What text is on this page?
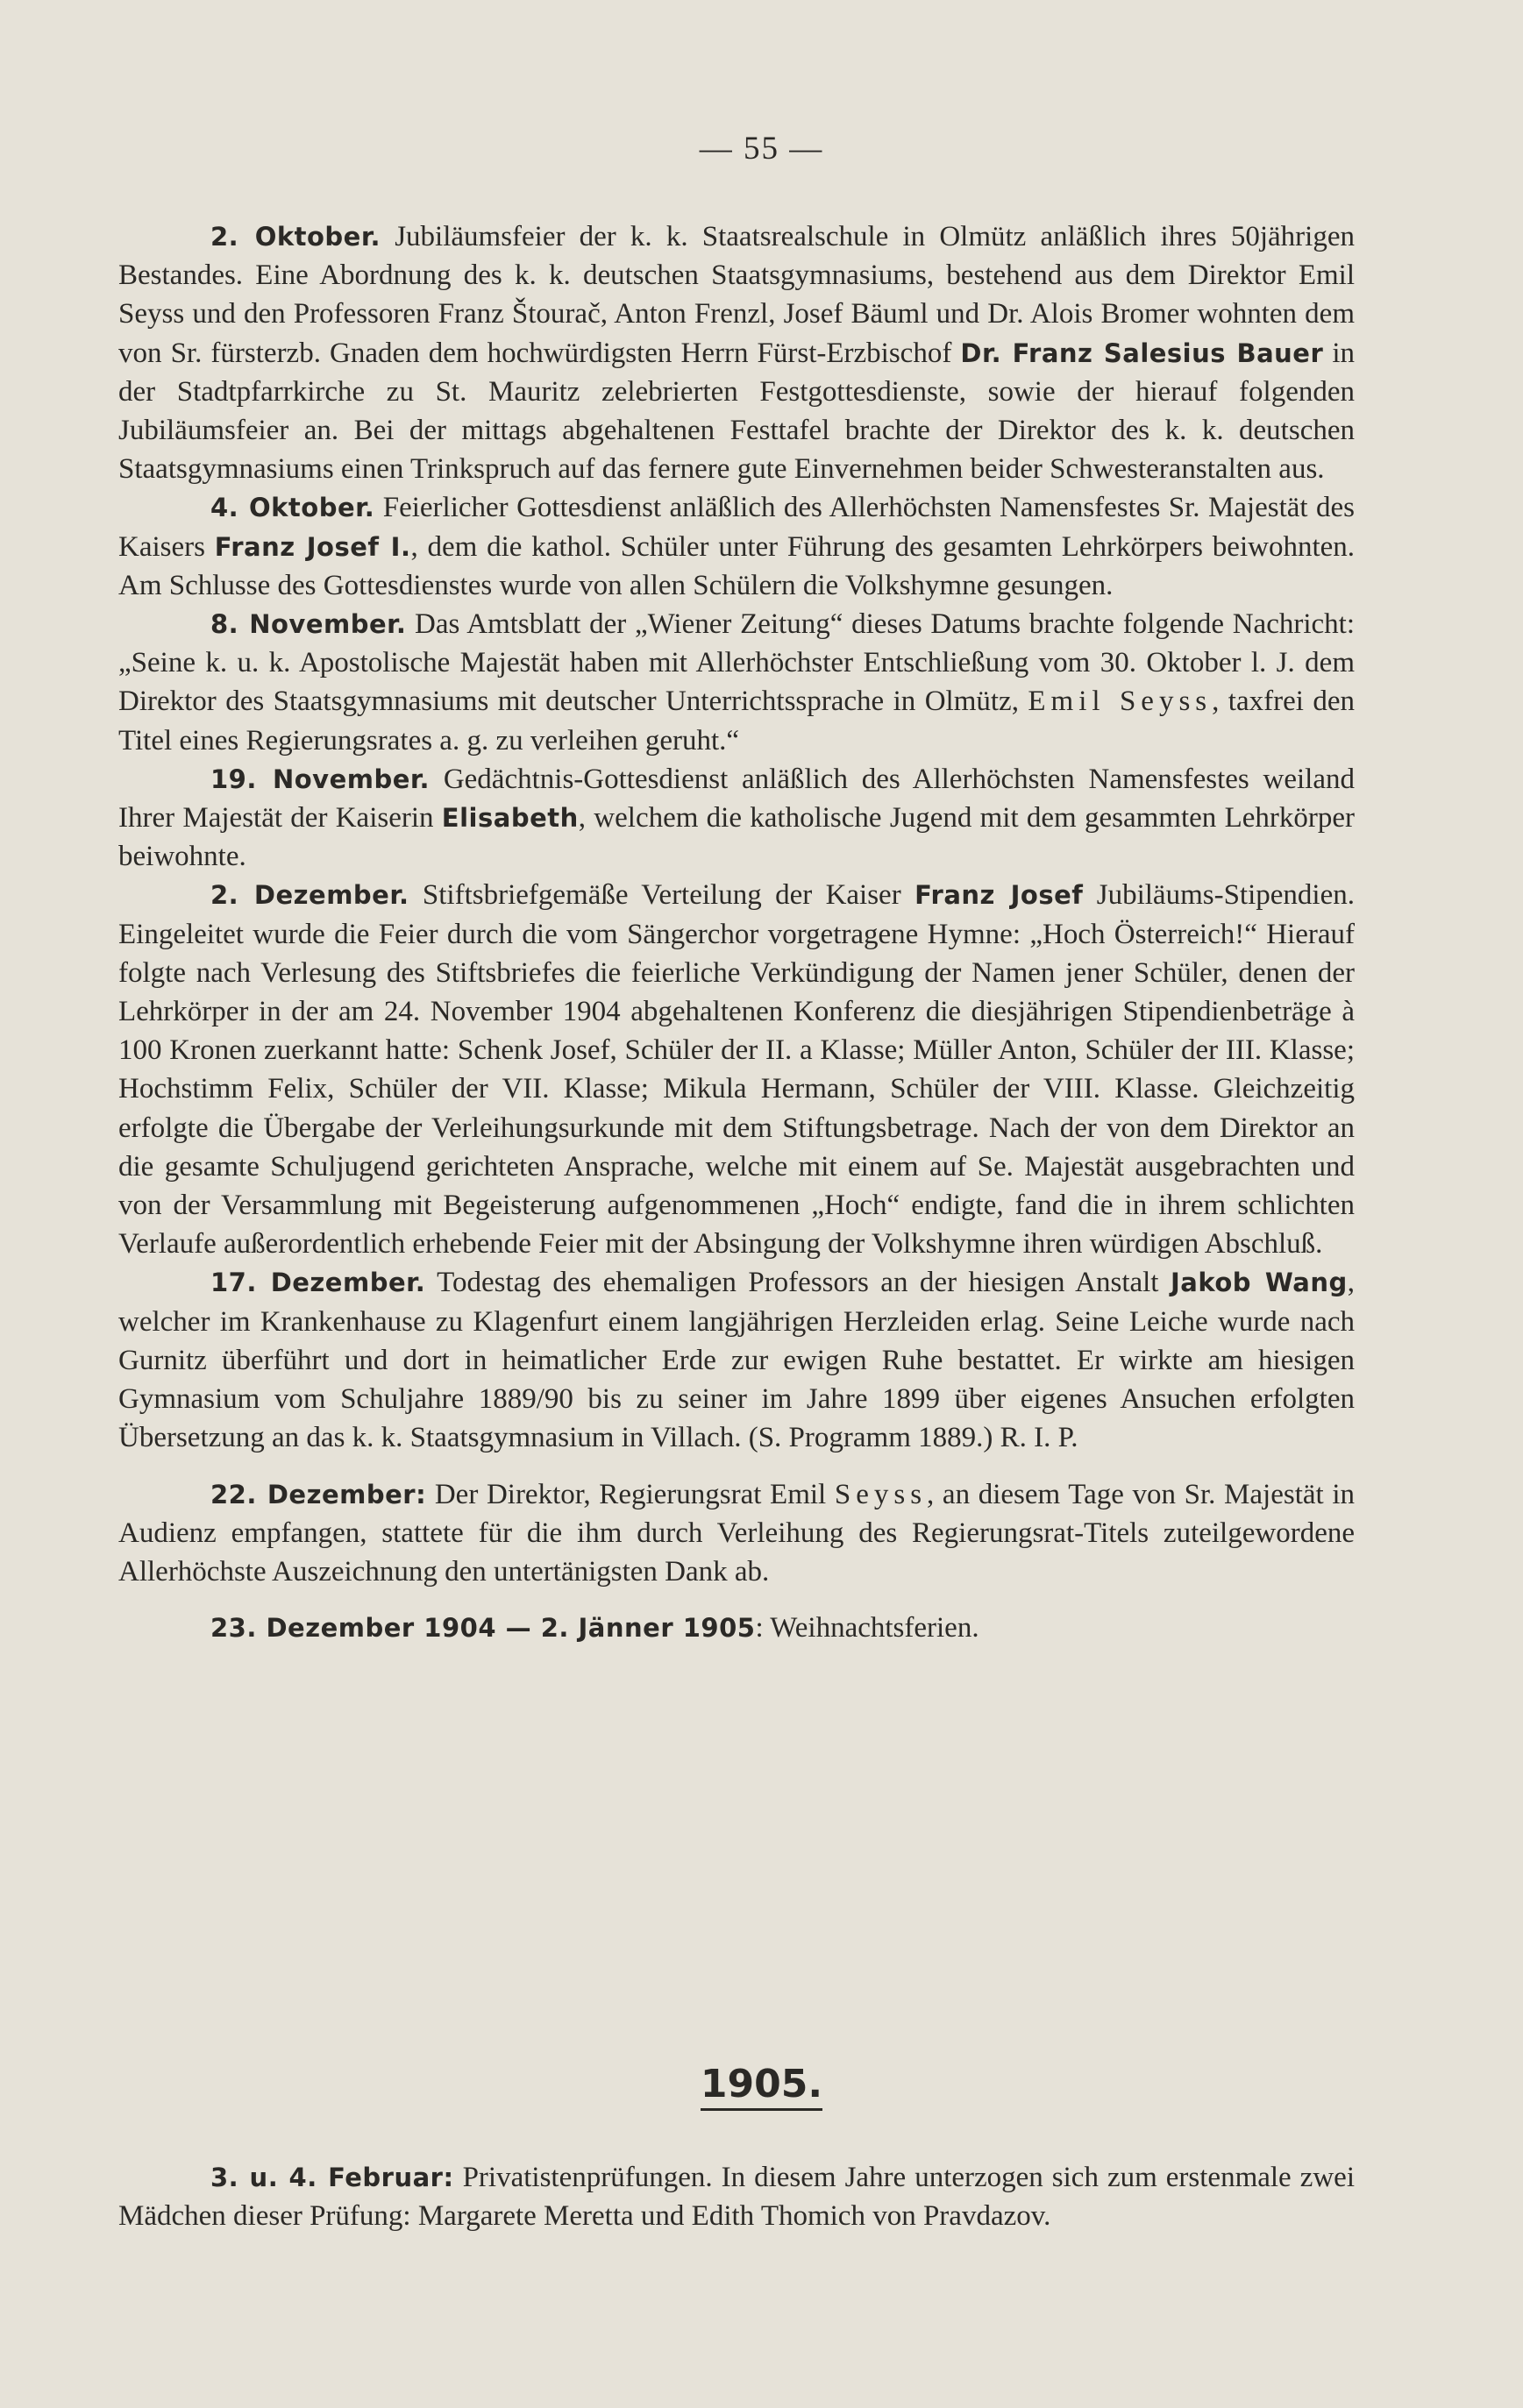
— 55 —

2. Oktober. Jubiläumsfeier der k. k. Staatsrealschule in Olmütz anläßlich ihres 50jährigen Bestandes. Eine Abordnung des k. k. deutschen Staatsgymnasiums, bestehend aus dem Direktor Emil Seyss und den Professoren Franz Štourač, Anton Frenzl, Josef Bäuml und Dr. Alois Bromer wohnten dem von Sr. fürsterzb. Gnaden dem hochwürdigsten Herrn Fürst-Erzbischof Dr. Franz Salesius Bauer in der Stadtpfarrkirche zu St. Mauritz zelebrierten Festgottesdienste, sowie der hierauf folgenden Jubiläumsfeier an. Bei der mittags abgehaltenen Festtafel brachte der Direktor des k. k. deutschen Staatsgymnasiums einen Trinkspruch auf das fernere gute Einvernehmen beider Schwesteranstalten aus.

4. Oktober. Feierlicher Gottesdienst anläßlich des Allerhöchsten Namensfestes Sr. Majestät des Kaisers Franz Josef I., dem die kathol. Schüler unter Führung des gesamten Lehrkörpers beiwohnten. Am Schlusse des Gottesdienstes wurde von allen Schülern die Volkshymne gesungen.

8. November. Das Amtsblatt der „Wiener Zeitung“ dieses Datums brachte folgende Nachricht: „Seine k. u. k. Apostolische Majestät haben mit Allerhöchster Entschließung vom 30. Oktober l. J. dem Direktor des Staatsgymnasiums mit deutscher Unterrichtssprache in Olmütz, Emil Seyss, taxfrei den Titel eines Regierungsrates a. g. zu verleihen geruht.“

19. November. Gedächtnis-Gottesdienst anläßlich des Allerhöchsten Namensfestes weiland Ihrer Majestät der Kaiserin Elisabeth, welchem die katholische Jugend mit dem gesammten Lehrkörper beiwohnte.

2. Dezember. Stiftsbriefgemäße Verteilung der Kaiser Franz Josef Jubiläums-Stipendien. Eingeleitet wurde die Feier durch die vom Sängerchor vorgetragene Hymne: „Hoch Österreich!“ Hierauf folgte nach Verlesung des Stiftsbriefes die feierliche Verkündigung der Namen jener Schüler, denen der Lehrkörper in der am 24. November 1904 abgehaltenen Konferenz die diesjährigen Stipendienbeträge à 100 Kronen zuerkannt hatte: Schenk Josef, Schüler der II. a Klasse; Müller Anton, Schüler der III. Klasse; Hochstimm Felix, Schüler der VII. Klasse; Mikula Hermann, Schüler der VIII. Klasse. Gleichzeitig erfolgte die Übergabe der Verleihungsurkunde mit dem Stiftungsbetrage. Nach der von dem Direktor an die gesamte Schuljugend gerichteten Ansprache, welche mit einem auf Se. Majestät ausgebrachten und von der Versammlung mit Begeisterung aufgenommenen „Hoch“ endigte, fand die in ihrem schlichten Verlaufe außerordentlich erhebende Feier mit der Absingung der Volkshymne ihren würdigen Abschluß.

17. Dezember. Todestag des ehemaligen Professors an der hiesigen Anstalt Jakob Wang, welcher im Krankenhause zu Klagenfurt einem langjährigen Herzleiden erlag. Seine Leiche wurde nach Gurnitz überführt und dort in heimatlicher Erde zur ewigen Ruhe bestattet. Er wirkte am hiesigen Gymnasium vom Schuljahre 1889/90 bis zu seiner im Jahre 1899 über eigenes Ansuchen erfolgten Übersetzung an das k. k. Staatsgymnasium in Villach. (S. Programm 1889.) R. I. P.

22. Dezember: Der Direktor, Regierungsrat Emil Seyss, an diesem Tage von Sr. Majestät in Audienz empfangen, stattete für die ihm durch Verleihung des Regierungsrat-Titels zuteilgewordene Allerhöchste Auszeichnung den untertänigsten Dank ab.

23. Dezember 1904 — 2. Jänner 1905: Weihnachtsferien.

1905.

3. u. 4. Februar: Privatistenprüfungen. In diesem Jahre unterzogen sich zum erstenmale zwei Mädchen dieser Prüfung: Margarete Meretta und Edith Thomich von Pravdazov.
